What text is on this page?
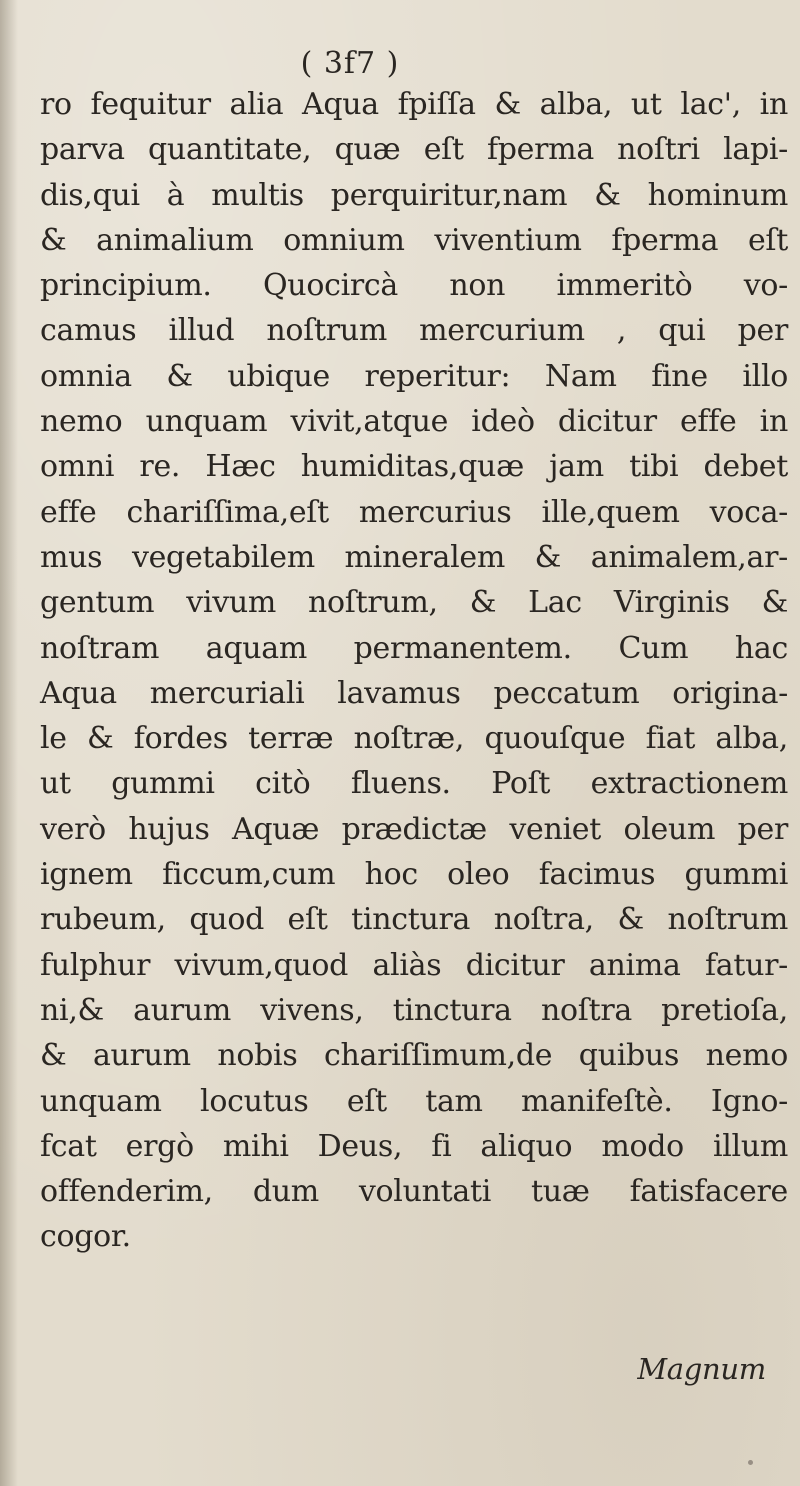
( 3f7 )
ro fequitur alia Aqua fpiſſa & alba, ut lac', in
parva quantitate, quæ eſt fperma noſtri lapi-
dis,qui à multis perquiritur,nam & hominum
& animalium omnium viventium fperma eſt
principium. Quocircà non immeritò vo-
camus illud noſtrum mercurium , qui per
omnia & ubique reperitur: Nam fine illo
nemo unquam vivit,atque ideò dicitur effe in
omni re. Hæc humiditas,quæ jam tibi debet
effe chariſſima,eſt mercurius ille,quem voca-
mus vegetabilem mineralem & animalem,ar-
gentum vivum noſtrum, & Lac Virginis &
noſtram aquam permanentem. Cum hac
Aqua mercuriali lavamus peccatum origina-
le & fordes terræ noſtræ, quouſque fiat alba,
ut gummi citò fluens. Poſt extractionem
verò hujus Aquæ prædictæ veniet oleum per
ignem ficcum,cum hoc oleo facimus gummi
rubeum, quod eſt tinctura noſtra, & noſtrum
fulphur vivum,quod aliàs dicitur anima fatur-
ni,& aurum vivens, tinctura noſtra pretioſa,
& aurum nobis chariſſimum,de quibus nemo
unquam locutus eſt tam manifeſtè. Igno-
fcat ergò mihi Deus, fi aliquo modo illum
offenderim, dum voluntati tuæ fatisfacere
cogor.
Magnum
